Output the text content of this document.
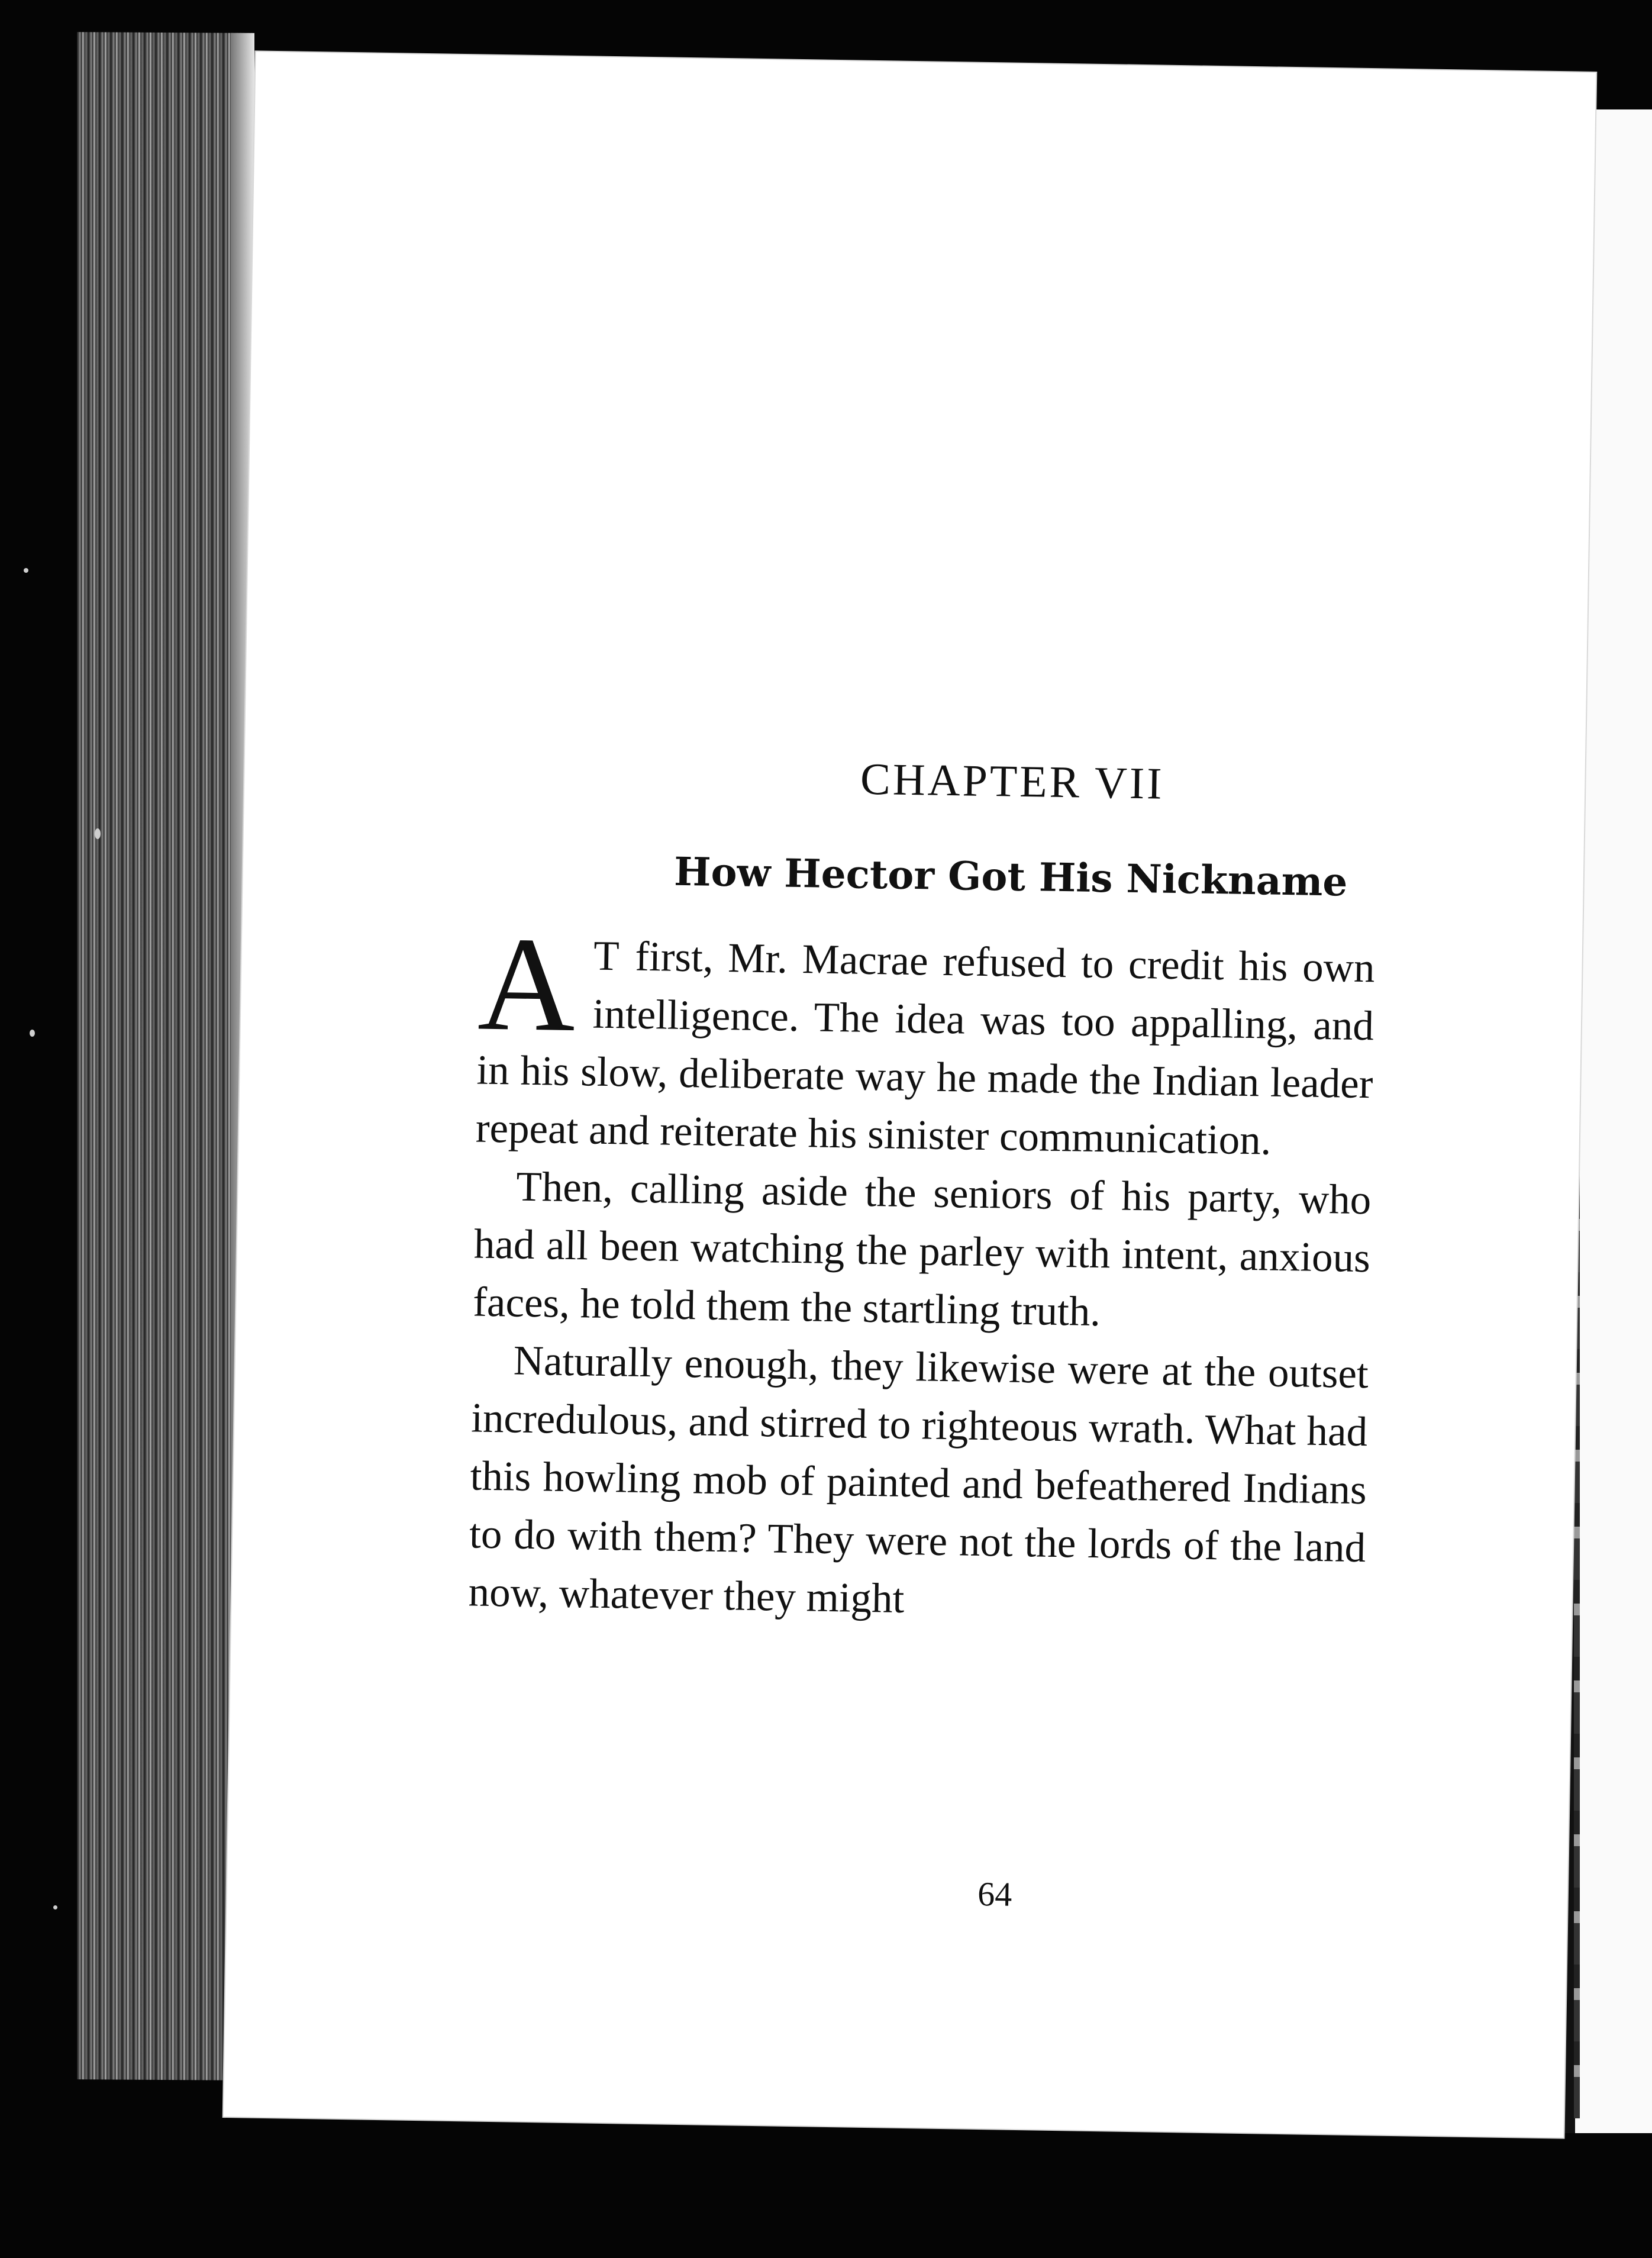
CHAPTER VII
How Hector Got His Nickname

A T first, Mr. Macrae refused to credit his own intelligence. The idea was too appalling, and in his slow, deliberate way he made the Indian leader repeat and reiterate his sinister communication.

Then, calling aside the seniors of his party, who had all been watching the parley with intent, anxious faces, he told them the startling truth.

Naturally enough, they likewise were at the outset incredulous, and stirred to righteous wrath. What had this howling mob of painted and befeathered Indians to do with them? They were not the lords of the land now, whatever they might

64
